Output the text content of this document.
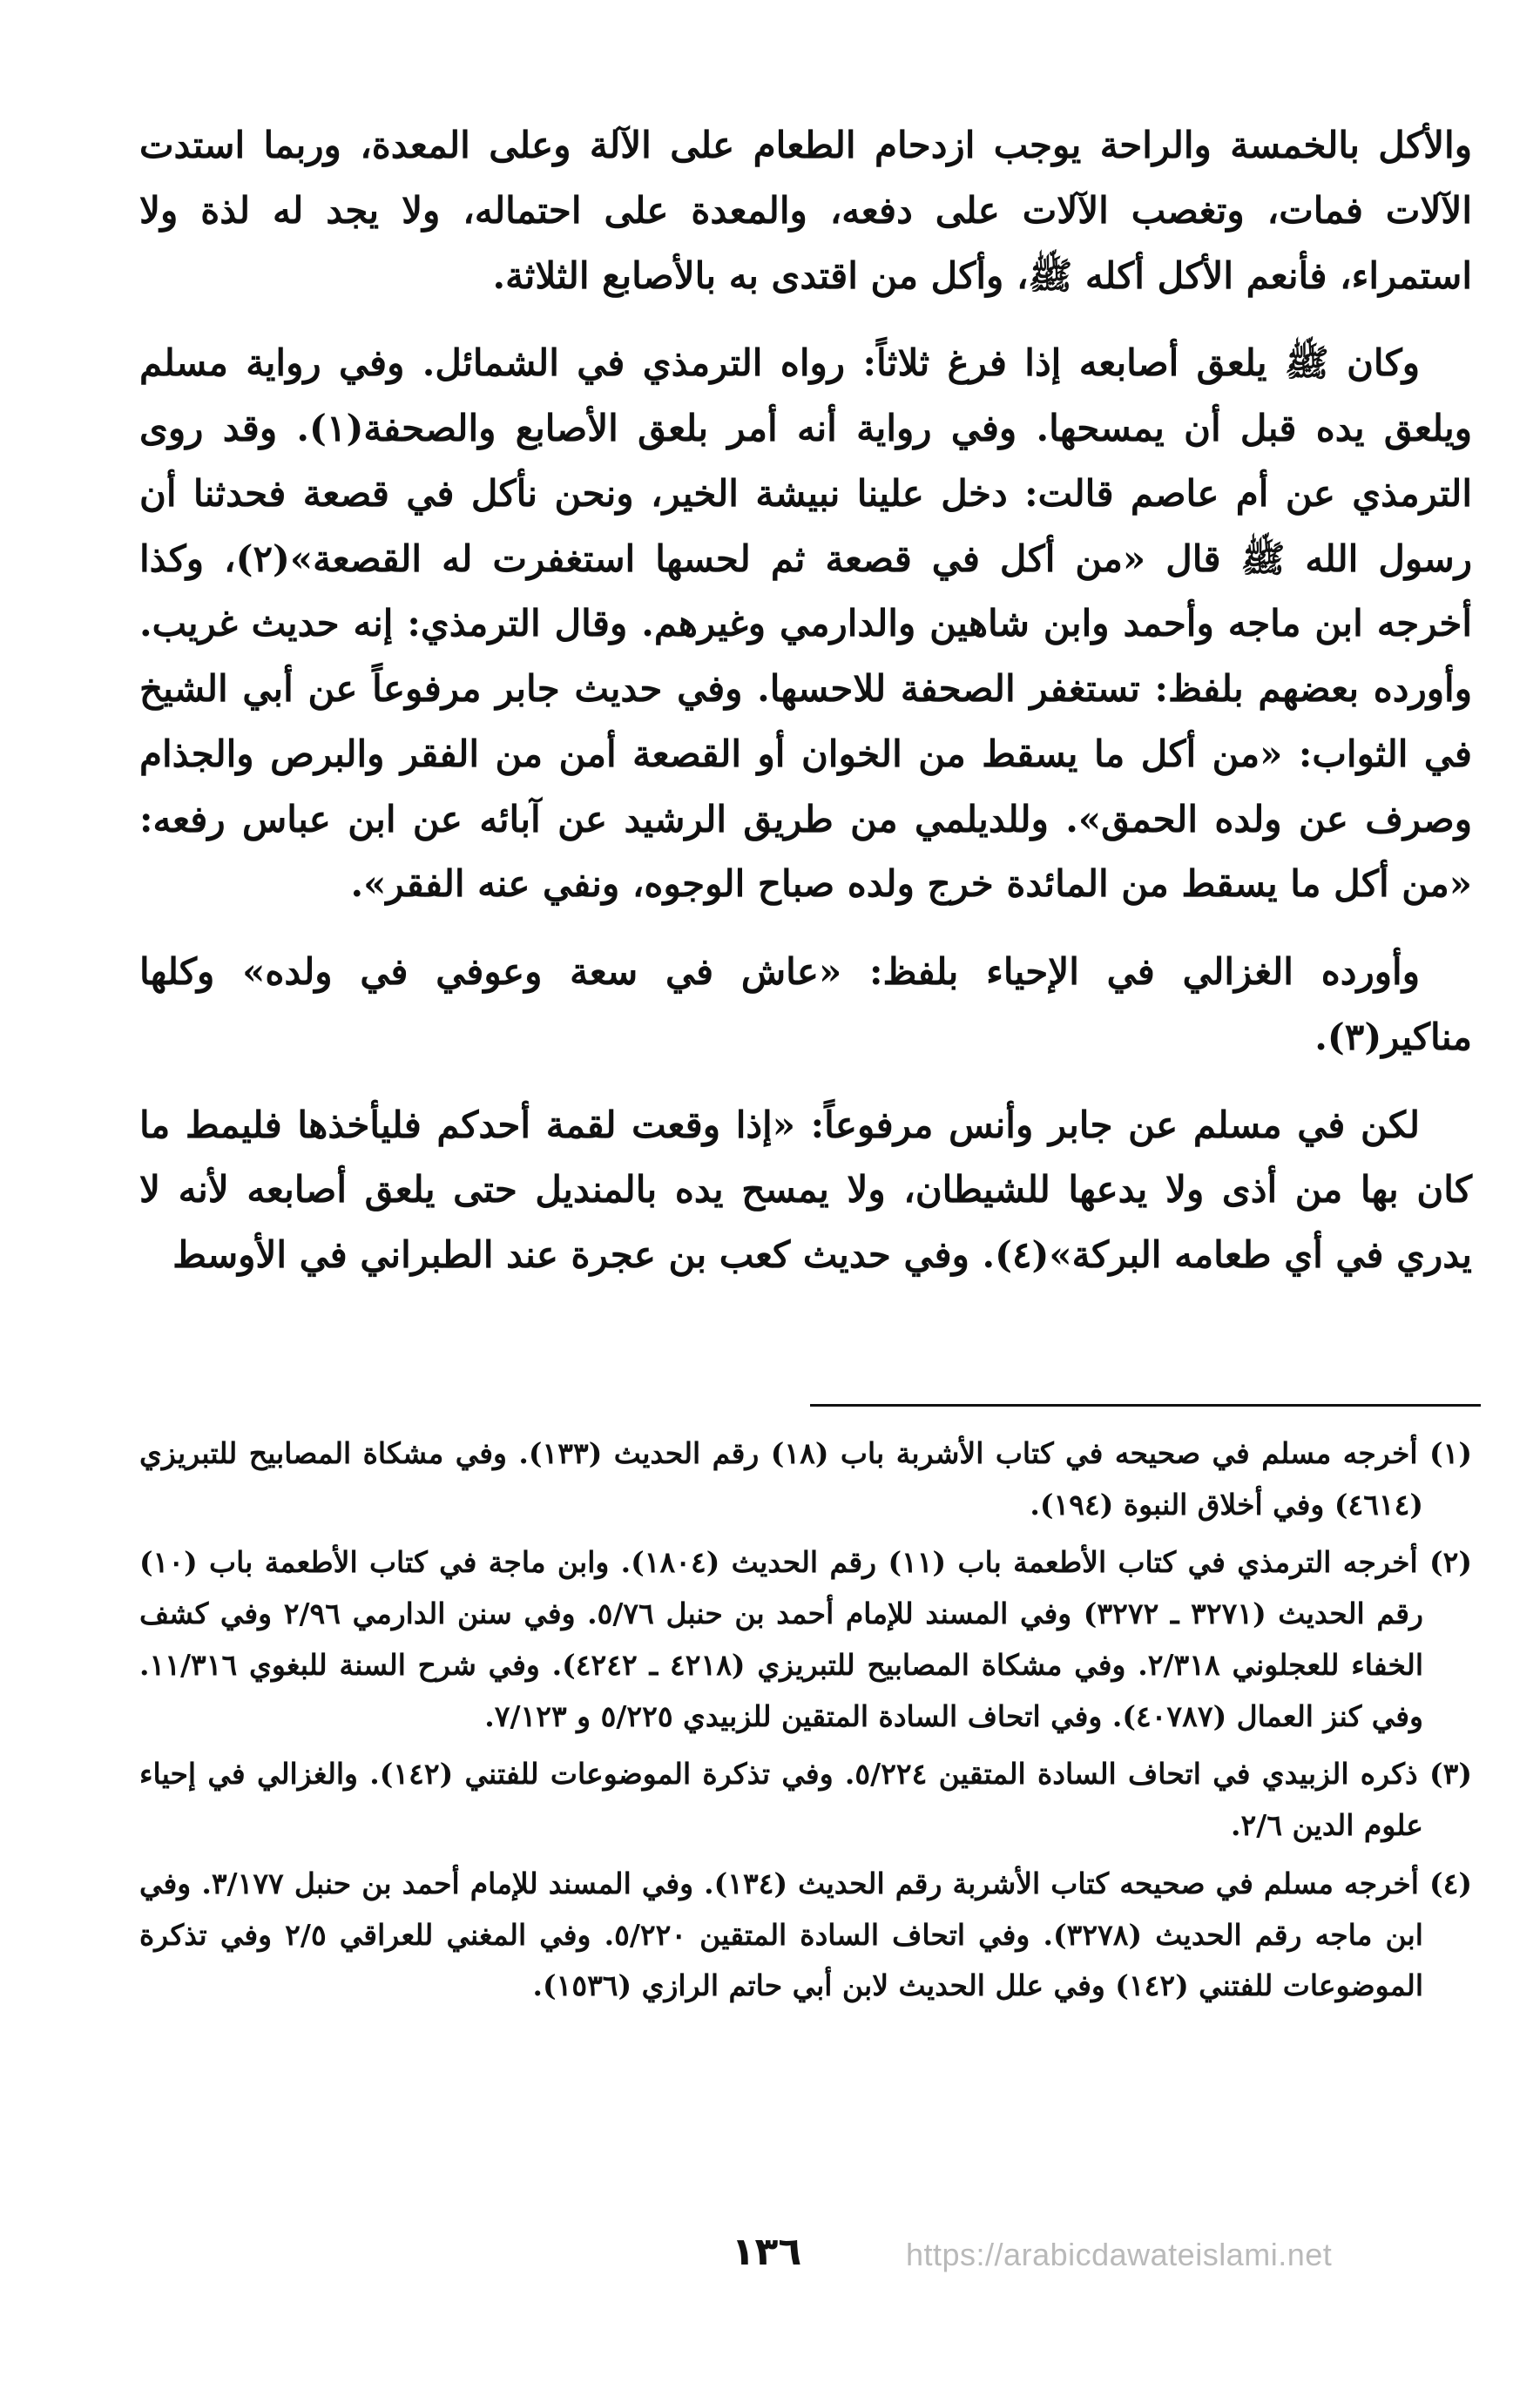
والأكل بالخمسة والراحة يوجب ازدحام الطعام على الآلة وعلى المعدة، وربما استدت الآلات فمات، وتغصب الآلات على دفعه، والمعدة على احتماله، ولا يجد له لذة ولا استمراء، فأنعم الأكل أكله ﷺ، وأكل من اقتدى به بالأصابع الثلاثة.

وكان ﷺ يلعق أصابعه إذا فرغ ثلاثاً: رواه الترمذي في الشمائل. وفي رواية مسلم ويلعق يده قبل أن يمسحها. وفي رواية أنه أمر بلعق الأصابع والصحفة(١). وقد روى الترمذي عن أم عاصم قالت: دخل علينا نبيشة الخير، ونحن نأكل في قصعة فحدثنا أن رسول الله ﷺ قال «من أكل في قصعة ثم لحسها استغفرت له القصعة»(٢)، وكذا أخرجه ابن ماجه وأحمد وابن شاهين والدارمي وغيرهم. وقال الترمذي: إنه حديث غريب. وأورده بعضهم بلفظ: تستغفر الصحفة للاحسها. وفي حديث جابر مرفوعاً عن أبي الشيخ في الثواب: «من أكل ما يسقط من الخوان أو القصعة أمن من الفقر والبرص والجذام وصرف عن ولده الحمق». وللديلمي من طريق الرشيد عن آبائه عن ابن عباس رفعه: «من أكل ما يسقط من المائدة خرج ولده صباح الوجوه، ونفي عنه الفقر».

وأورده الغزالي في الإحياء بلفظ: «عاش في سعة وعوفي في ولده» وكلها مناكير(٣).

لكن في مسلم عن جابر وأنس مرفوعاً: «إذا وقعت لقمة أحدكم فليأخذها فليمط ما كان بها من أذى ولا يدعها للشيطان، ولا يمسح يده بالمنديل حتى يلعق أصابعه لأنه لا يدري في أي طعامه البركة»(٤). وفي حديث كعب بن عجرة عند الطبراني في الأوسط

(١) أخرجه مسلم في صحيحه في كتاب الأشربة باب (١٨) رقم الحديث (١٣٣). وفي مشكاة المصابيح للتبريزي (٤٦١٤) وفي أخلاق النبوة (١٩٤).

(٢) أخرجه الترمذي في كتاب الأطعمة باب (١١) رقم الحديث (١٨٠٤). وابن ماجة في كتاب الأطعمة باب (١٠) رقم الحديث (٣٢٧١ ـ ٣٢٧٢) وفي المسند للإمام أحمد بن حنبل ٥/٧٦. وفي سنن الدارمي ٢/٩٦ وفي كشف الخفاء للعجلوني ٢/٣١٨. وفي مشكاة المصابيح للتبريزي (٤٢١٨ ـ ٤٢٤٢). وفي شرح السنة للبغوي ١١/٣١٦. وفي كنز العمال (٤٠٧٨٧). وفي اتحاف السادة المتقين للزبيدي ٥/٢٢٥ و ٧/١٢٣.

(٣) ذكره الزبيدي في اتحاف السادة المتقين ٥/٢٢٤. وفي تذكرة الموضوعات للفتني (١٤٢). والغزالي في إحياء علوم الدين ٢/٦.

(٤) أخرجه مسلم في صحيحه كتاب الأشربة رقم الحديث (١٣٤). وفي المسند للإمام أحمد بن حنبل ٣/١٧٧. وفي ابن ماجه رقم الحديث (٣٢٧٨). وفي اتحاف السادة المتقين ٥/٢٢٠. وفي المغني للعراقي ٢/٥ وفي تذكرة الموضوعات للفتني (١٤٢) وفي علل الحديث لابن أبي حاتم الرازي (١٥٣٦).

١٣٦	https://arabicdawateislami.net
